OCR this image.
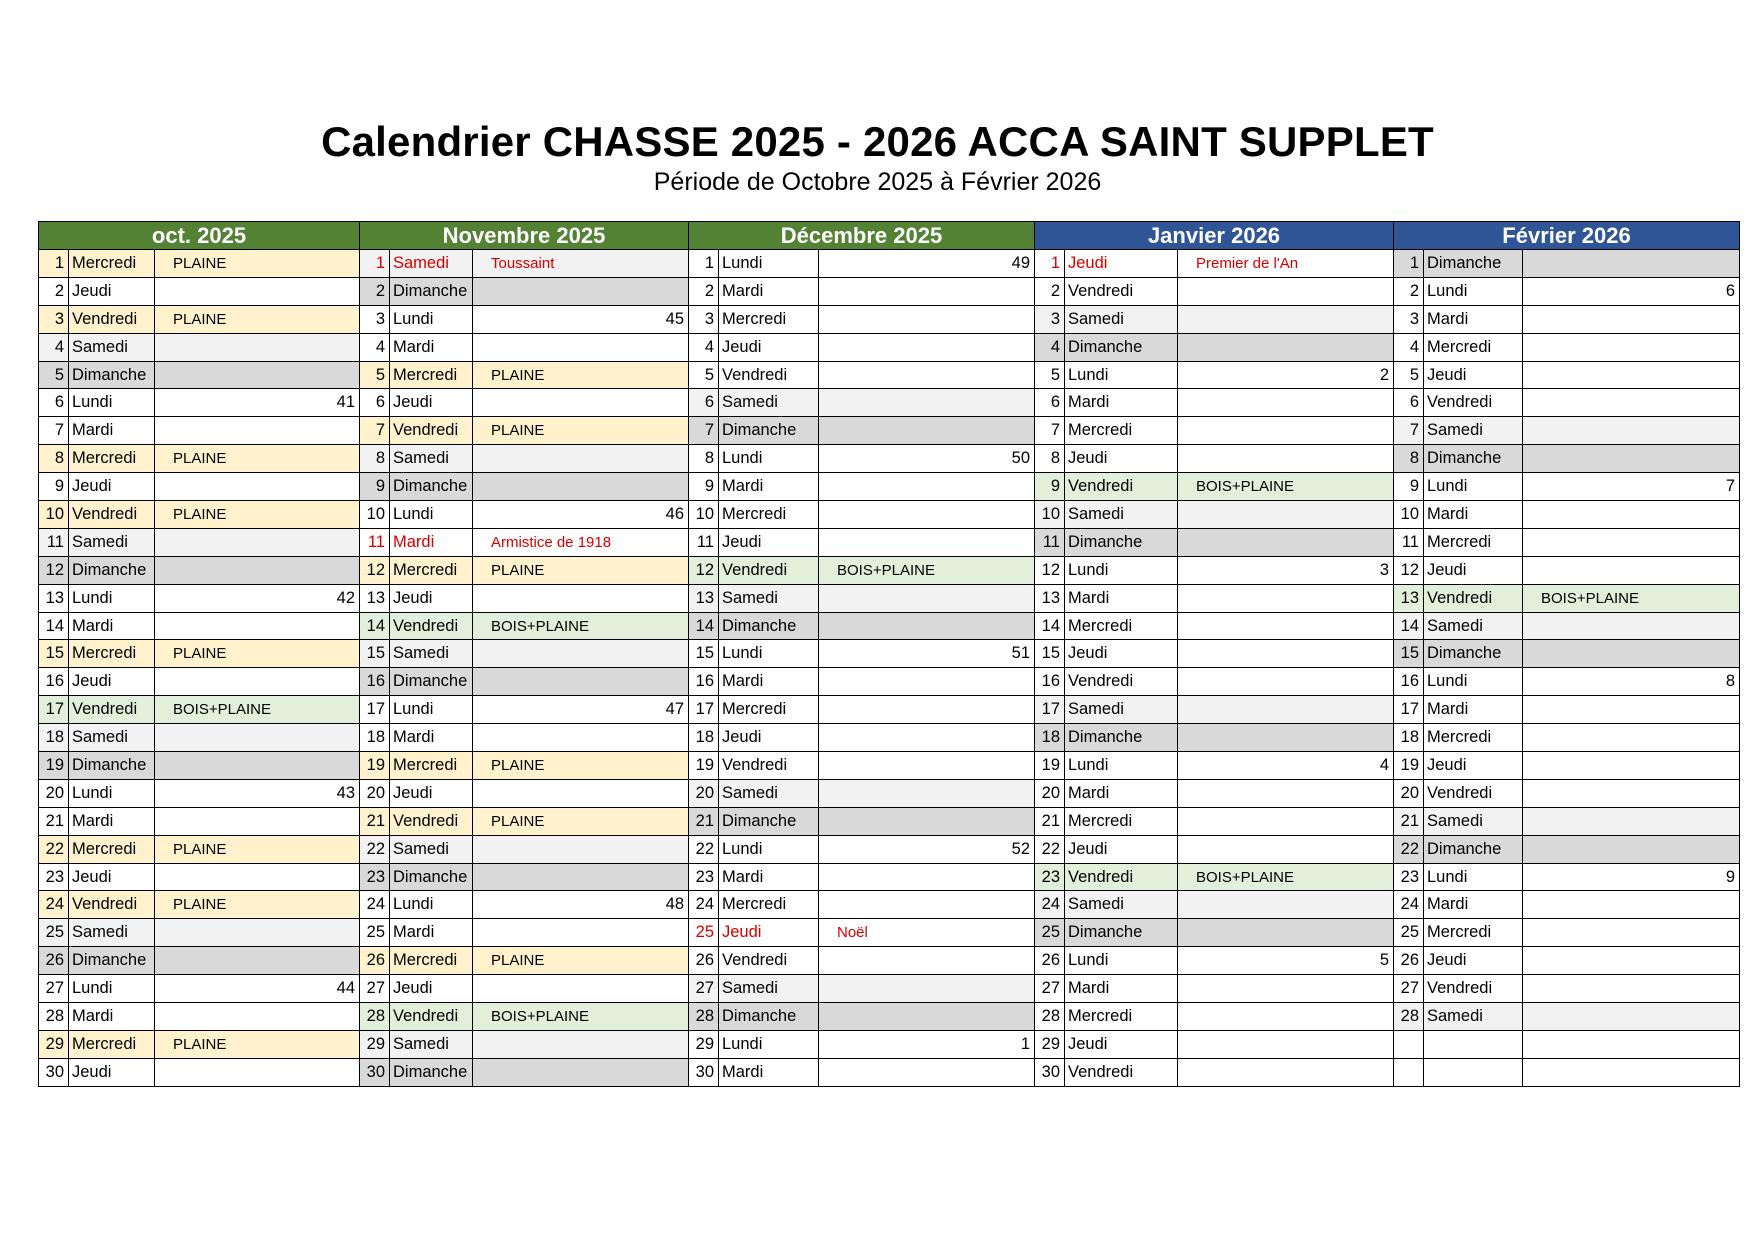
Calendrier CHASSE 2025 - 2026 ACCA SAINT SUPPLET
Période de Octobre 2025 à Février 2026
oct. 2025			Novembre 2025			Décembre 2025			Janvier 2026			Février 2026		
1	Mercredi	PLAINE	1	Samedi	Toussaint	1	Lundi	49	1	Jeudi	Premier de l'An	1	Dimanche	
2	Jeudi		2	Dimanche		2	Mardi		2	Vendredi		2	Lundi	6
3	Vendredi	PLAINE	3	Lundi	45	3	Mercredi		3	Samedi		3	Mardi	
4	Samedi		4	Mardi		4	Jeudi		4	Dimanche		4	Mercredi	
5	Dimanche		5	Mercredi	PLAINE	5	Vendredi		5	Lundi	2	5	Jeudi	
6	Lundi	41	6	Jeudi		6	Samedi		6	Mardi		6	Vendredi	
7	Mardi		7	Vendredi	PLAINE	7	Dimanche		7	Mercredi		7	Samedi	
8	Mercredi	PLAINE	8	Samedi		8	Lundi	50	8	Jeudi		8	Dimanche	
9	Jeudi		9	Dimanche		9	Mardi		9	Vendredi	BOIS+PLAINE	9	Lundi	7
10	Vendredi	PLAINE	10	Lundi	46	10	Mercredi		10	Samedi		10	Mardi	
11	Samedi		11	Mardi	Armistice de 1918	11	Jeudi		11	Dimanche		11	Mercredi	
12	Dimanche		12	Mercredi	PLAINE	12	Vendredi	BOIS+PLAINE	12	Lundi	3	12	Jeudi	
13	Lundi	42	13	Jeudi		13	Samedi		13	Mardi		13	Vendredi	BOIS+PLAINE
14	Mardi		14	Vendredi	BOIS+PLAINE	14	Dimanche		14	Mercredi		14	Samedi	
15	Mercredi	PLAINE	15	Samedi		15	Lundi	51	15	Jeudi		15	Dimanche	
16	Jeudi		16	Dimanche		16	Mardi		16	Vendredi		16	Lundi	8
17	Vendredi	BOIS+PLAINE	17	Lundi	47	17	Mercredi		17	Samedi		17	Mardi	
18	Samedi		18	Mardi		18	Jeudi		18	Dimanche		18	Mercredi	
19	Dimanche		19	Mercredi	PLAINE	19	Vendredi		19	Lundi	4	19	Jeudi	
20	Lundi	43	20	Jeudi		20	Samedi		20	Mardi		20	Vendredi	
21	Mardi		21	Vendredi	PLAINE	21	Dimanche		21	Mercredi		21	Samedi	
22	Mercredi	PLAINE	22	Samedi		22	Lundi	52	22	Jeudi		22	Dimanche	
23	Jeudi		23	Dimanche		23	Mardi		23	Vendredi	BOIS+PLAINE	23	Lundi	9
24	Vendredi	PLAINE	24	Lundi	48	24	Mercredi		24	Samedi		24	Mardi	
25	Samedi		25	Mardi		25	Jeudi	Noël	25	Dimanche		25	Mercredi	
26	Dimanche		26	Mercredi	PLAINE	26	Vendredi		26	Lundi	5	26	Jeudi	
27	Lundi	44	27	Jeudi		27	Samedi		27	Mardi		27	Vendredi	
28	Mardi		28	Vendredi	BOIS+PLAINE	28	Dimanche		28	Mercredi		28	Samedi	
29	Mercredi	PLAINE	29	Samedi		29	Lundi	1	29	Jeudi				
30	Jeudi		30	Dimanche		30	Mardi		30	Vendredi				
